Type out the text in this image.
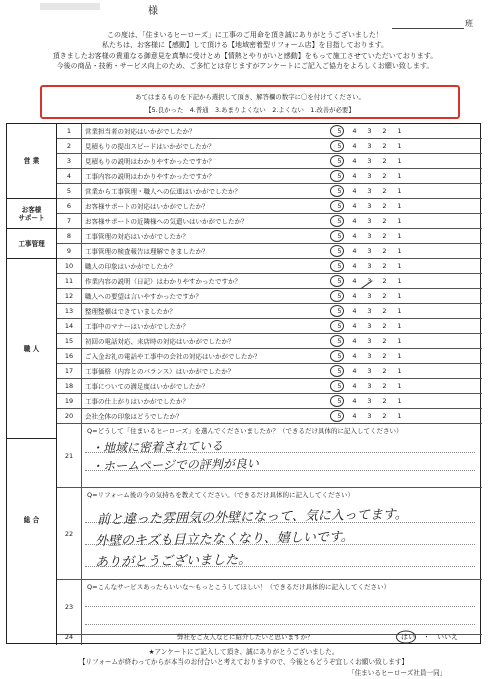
様
班
この度は、「住まいるヒーローズ」に工事のご用命を頂き誠にありがとうございました！
私たちは、お客様に【感動】して頂ける【地域密着型リフォーム店】を目指しております。
頂きましたお客様の貴重なる御意見を真摯に受けとめ【情熱とやりがいと感動】をもって施工させていただいております。
今後の商品・技術・サービス向上のため、ご多忙とは存じますがアンケートにご記入ご協力をよろしくお願い致します。
あてはまるものを下記から選択して頂き、解答欄の数字に〇を付けてください。
【5.良かった　4.普通　3.あまりよくない　2.よくない　1.改善が必要】
営 業
お客様
サポート
工事管理
職 人
総 合
1	営業担当者の対応はいかがでしたか？	5 4 3 2 1
2	見積もりの提出スピードはいかがでしたか？	5 4 3 2 1
3	見積もりの説明はわかりやすかったですか？	5 4 3 2 1
4	工事内容の説明はわかりやすかったですか？	5 4 3 2 1
5	営業から工事管理・職人への伝達はいかがでしたか？	5 4 3 2 1
6	お客様サポートの対応はいかがでしたか？	5 4 3 2 1
7	お客様サポートの近隣様への気遣いはいかがでしたか？	5 4 3 2 1
8	工事管理の対応はいかがでしたか？	5 4 3 2 1
9	工事管理の検査報告は理解できましたか？	5 4 3 2 1
10	職人の印象はいかがでしたか？	5 4 3 2 1
11	作業内容の説明（日記）はわかりやすかったですか？	5 4 3 2 1
12	職人への要望は言いやすかったですか？	5 4 3 2 1
13	整理整頓はできていましたか？	5 4 3 2 1
14	工事中のマナーはいかがでしたか？	5 4 3 2 1
15	初回の電話対応、来店時の対応はいかがでしたか？	5 4 3 2 1
16	ご入金お礼の電話や工事中の会社の対応はいかがでしたか？	5 4 3 2 1
17	工事価格（内容とのバランス）はいかがでしたか？	5 4 3 2 1
18	工事についての満足度はいかがでしたか？	5 4 3 2 1
19	工事の仕上がりはいかがでしたか？	5 4 3 2 1
20	会社全体の印象はどうでしたか？	5 4 3 2 1
21
Q=どうして「住まいるヒーローズ」を選んでくださいましたか？（できるだけ具体的に記入してください）
・地域に密着されている
・ホームページでの評判が良い
22
Q=リフォーム後の今の気持ちを教えてください。（できるだけ具体的に記入してください）
前と違った雰囲気の外壁になって、気に入ってます。
外壁のキズも目立たなくなり、嬉しいです。
ありがとうございました。
23
Q=こんなサービスあったらいいな～もっとこうしてほしい！（できるだけ具体的に記入してください）
24	弊社をご友人などに紹介したいと思いますか？	はい ・ いいえ
★アンケートにご記入して頂き、誠にありがとうございました。
【リフォームが終わってからが本当のお付合いと考えておりますので、今後ともどうぞ宜しくお願い致します】
「住まいるヒーローズ社員一同」
